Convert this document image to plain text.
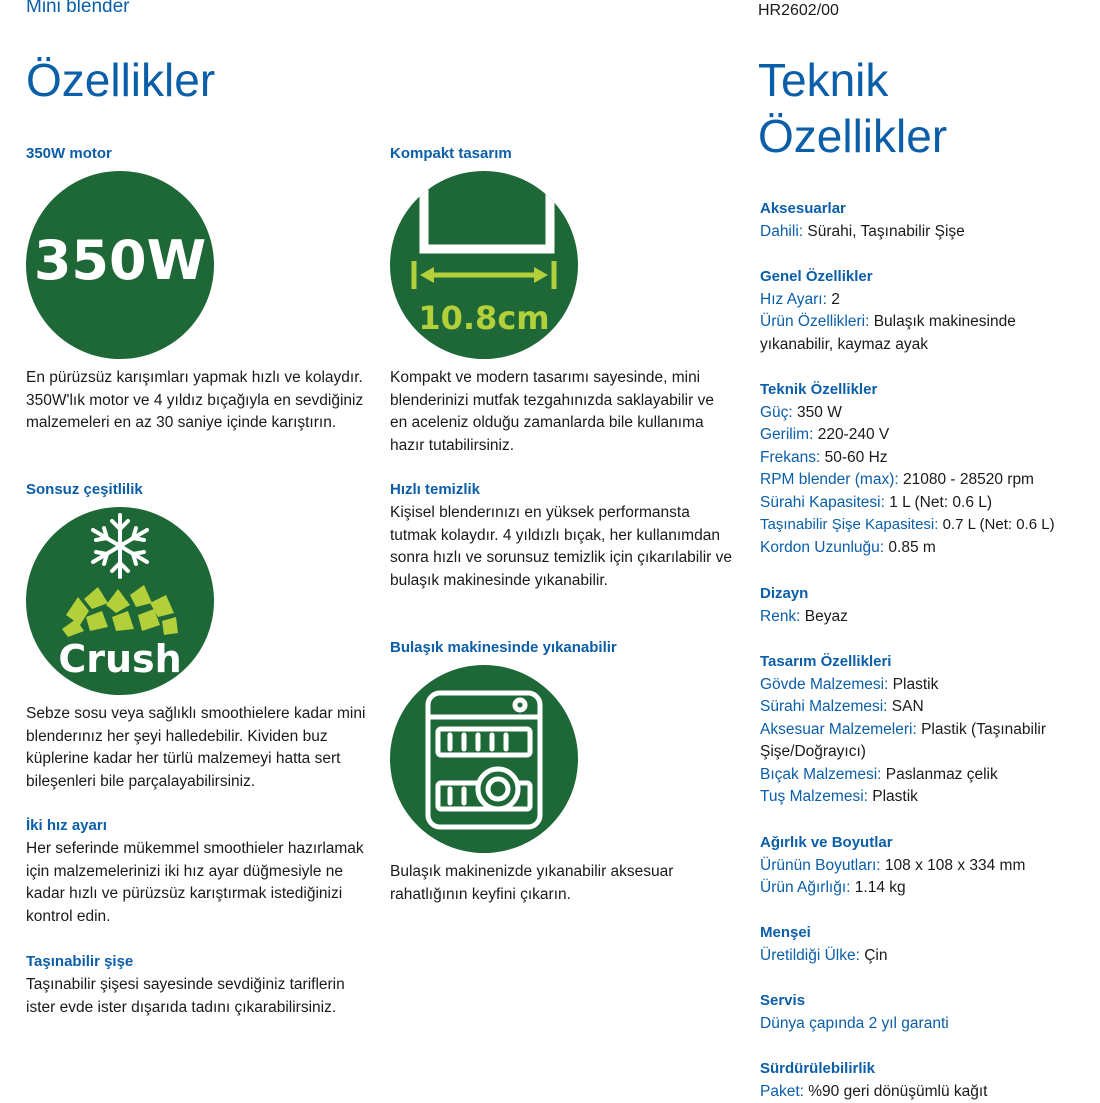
Mini blender	HR2602/00
Özellikler

350W motor

350W

En pürüzsüz karışımları yapmak hızlı ve kolaydır. 350W'lık motor ve 4 yıldız bıçağıyla en sevdiğiniz malzemeleri en az 30 saniye içinde karıştırın.

Sonsuz çeşitlilik

Crush

Sebze sosu veya sağlıklı smoothielere kadar mini blenderınız her şeyi halledebilir. Kividen buz küplerine kadar her türlü malzemeyi hatta sert bileşenleri bile parçalayabilirsiniz.

İki hız ayarı

Her seferinde mükemmel smoothieler hazırlamak için malzemelerinizi iki hız ayar düğmesiyle ne kadar hızlı ve pürüzsüz karıştırmak istediğinizi kontrol edin.

Taşınabilir şişe

Taşınabilir şişesi sayesinde sevdiğiniz tariflerin ister evde ister dışarıda tadını çıkarabilirsiniz.

Kompakt tasarım

10.8cm

Kompakt ve modern tasarımı sayesinde, mini blenderinizi mutfak tezgahınızda saklayabilir ve en aceleniz olduğu zamanlarda bile kullanıma hazır tutabilirsiniz.

Hızlı temizlik

Kişisel blenderınızı en yüksek performansta tutmak kolaydır. 4 yıldızlı bıçak, her kullanımdan sonra hızlı ve sorunsuz temizlik için çıkarılabilir ve bulaşık makinesinde yıkanabilir.

Bulaşık makinesinde yıkanabilir

Bulaşık makinenizde yıkanabilir aksesuar rahatlığının keyfini çıkarın.

Teknik
Özellikler

Aksesuarlar

Dahili: Sürahi, Taşınabilir Şişe

Genel Özellikler

Hız Ayarı: 2

Ürün Özellikleri: Bulaşık makinesinde yıkanabilir, kaymaz ayak

Teknik Özellikler

Güç: 350 W

Gerilim: 220-240 V

Frekans: 50-60 Hz

RPM blender (max): 21080 - 28520 rpm

Sürahi Kapasitesi: 1 L (Net: 0.6 L)

Taşınabilir Şişe Kapasitesi: 0.7 L (Net: 0.6 L)

Kordon Uzunluğu: 0.85 m

Dizayn

Renk: Beyaz

Tasarım Özellikleri

Gövde Malzemesi: Plastik

Sürahi Malzemesi: SAN

Aksesuar Malzemeleri: Plastik (Taşınabilir Şişe/Doğrayıcı)

Bıçak Malzemesi: Paslanmaz çelik

Tuş Malzemesi: Plastik

Ağırlık ve Boyutlar

Ürünün Boyutları: 108 x 108 x 334 mm

Ürün Ağırlığı: 1.14 kg

Menşei

Üretildiği Ülke: Çin

Servis

Dünya çapında 2 yıl garanti

Sürdürülebilirlik

Paket: %90 geri dönüşümlü kağıt
